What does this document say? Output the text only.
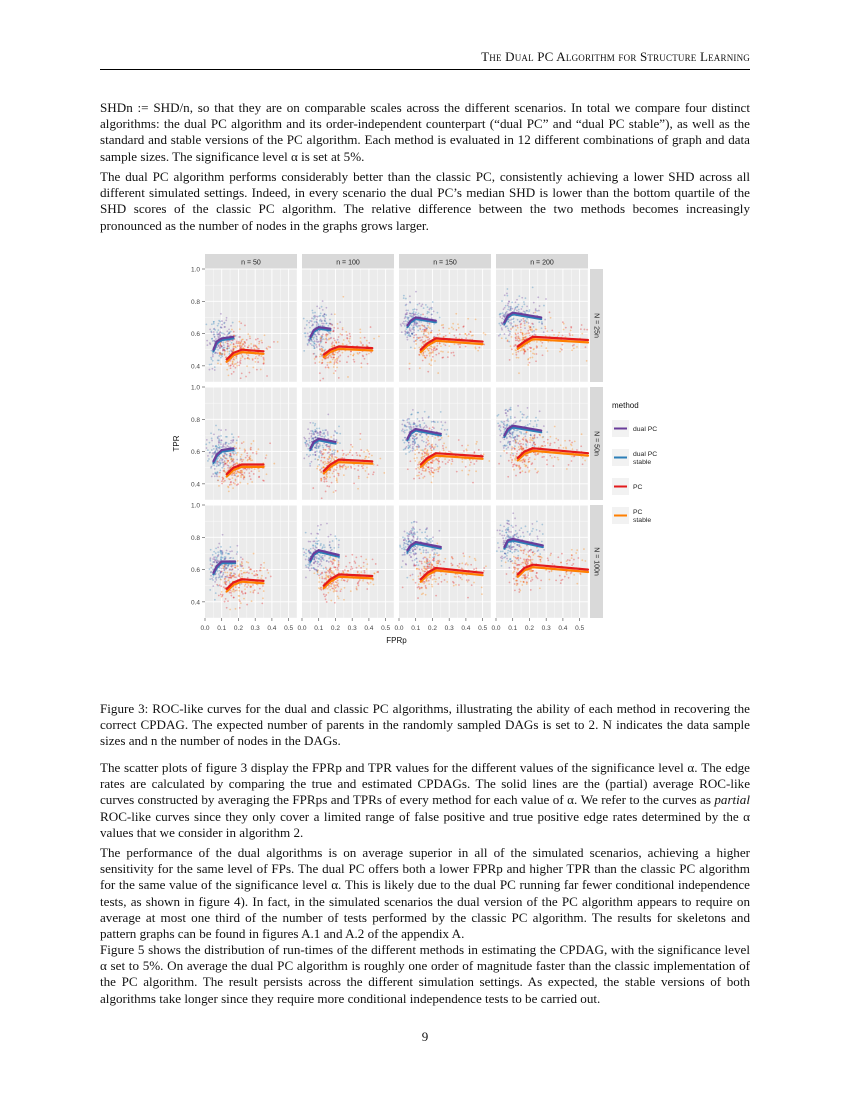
The Dual PC Algorithm for Structure Learning

SHDn := SHD/n, so that they are on comparable scales across the different scenarios. In total we compare four distinct algorithms: the dual PC algorithm and its order-independent counterpart (“dual PC” and “dual PC stable”), as well as the standard and stable versions of the PC algorithm. Each method is evaluated in 12 different combinations of graph and data sample sizes. The significance level α is set at 5%.

The dual PC algorithm performs considerably better than the classic PC, consistently achieving a lower SHD across all different simulated settings. Indeed, in every scenario the dual PC’s median SHD is lower than the bottom quartile of the SHD scores of the classic PC algorithm. The relative difference between the two methods becomes increasingly pronounced as the number of nodes in the graphs grows larger.

n = 50	n = 100	n = 150	n = 200
N = 25n
N = 50n
N = 100n
0.4
0.6
0.8
1.0
0.4
0.6
0.8
1.0
0.4
0.6
0.8
1.0
0.0 0.1 0.2 0.3 0.4 0.5 0.0 0.1 0.2 0.3 0.4 0.5 0.0 0.1 0.2 0.3 0.4 0.5 0.0 0.1 0.2 0.3 0.4 0.5
FPRp
TPR
method
dual PC
dual PC
stable
PC
PC
stable

Figure 3: ROC-like curves for the dual and classic PC algorithms, illustrating the ability of each method in recovering the correct CPDAG. The expected number of parents in the randomly sampled DAGs is set to 2. N indicates the data sample sizes and n the number of nodes in the DAGs.

The scatter plots of figure 3 display the FPRp and TPR values for the different values of the significance level α. The edge rates are calculated by comparing the true and estimated CPDAGs. The solid lines are the (partial) average ROC-like curves constructed by averaging the FPRps and TPRs of every method for each value of α. We refer to the curves as partial ROC-like curves since they only cover a limited range of false positive and true positive edge rates determined by the α values that we consider in algorithm 2.

The performance of the dual algorithms is on average superior in all of the simulated scenarios, achieving a higher sensitivity for the same level of FPs. The dual PC offers both a lower FPRp and higher TPR than the classic PC algorithm for the same value of the significance level α. This is likely due to the dual PC running far fewer conditional independence tests, as shown in figure 4). In fact, in the simulated scenarios the dual version of the PC algorithm appears to require on average at most one third of the number of tests performed by the classic PC algorithm. The results for skeletons and pattern graphs can be found in figures A.1 and A.2 of the appendix A.

Figure 5 shows the distribution of run-times of the different methods in estimating the CPDAG, with the significance level α set to 5%. On average the dual PC algorithm is roughly one order of magnitude faster than the classic implementation of the PC algorithm. The result persists across the different simulation settings. As expected, the stable versions of both algorithms take longer since they require more conditional independence tests to be carried out.

9
